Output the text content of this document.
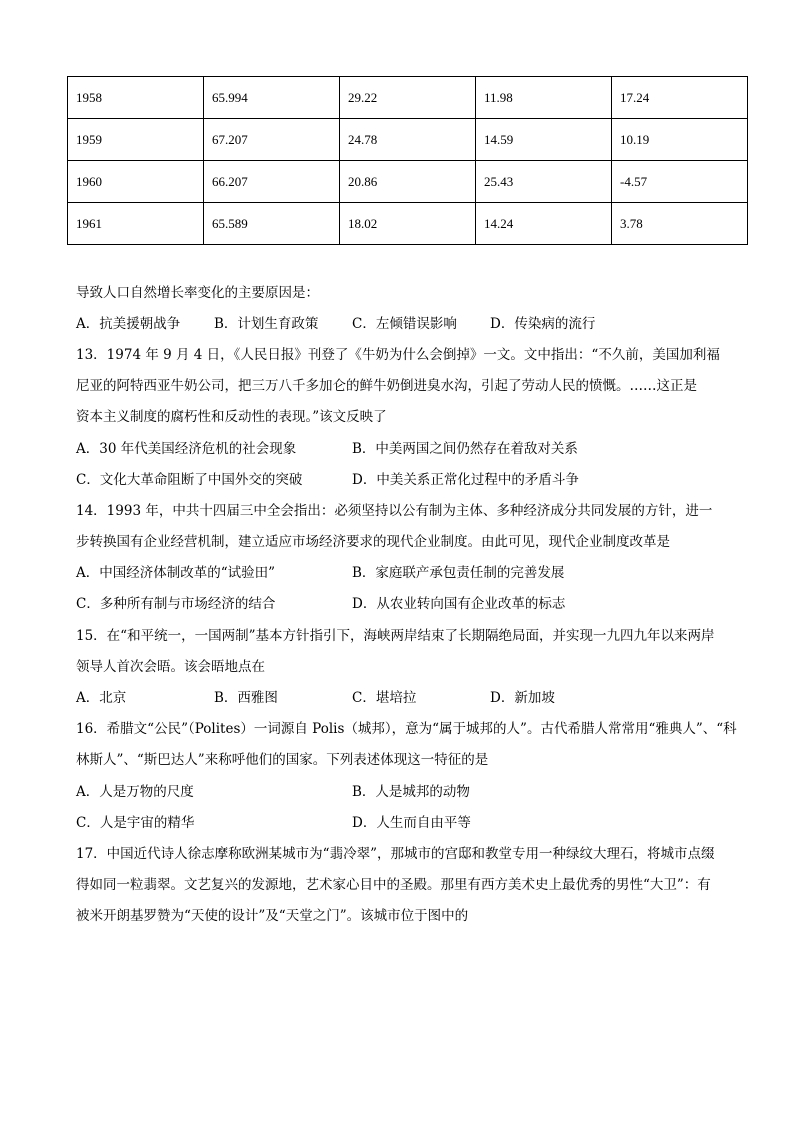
1958	65.994	29.22	11.98	17.24
1959	67.207	24.78	14.59	10.19
1960	66.207	20.86	25.43	-4.57
1961	65.589	18.02	14.24	3.78
导致人口自然增长率变化的主要原因是：
A．抗美援朝战争	B．计划生育政策 C．左倾错误影响 D．传染病的流行
13．1974 年 9 月 4 日，《人民日报》刊登了《牛奶为什么会倒掉》一文。文中指出：“不久前，美国加利福
尼亚的阿特西亚牛奶公司，把三万八千多加仑的鲜牛奶倒进臭水沟，引起了劳动人民的愤慨。……这正是
资本主义制度的腐朽性和反动性的表现。”该文反映了
A．30 年代美国经济危机的社会现象	B．中美两国之间仍然存在着敌对关系
C．文化大革命阻断了中国外交的突破	D．中美关系正常化过程中的矛盾斗争
14．1993 年，中共十四届三中全会指出：必须坚持以公有制为主体、多种经济成分共同发展的方针，进一
步转换国有企业经营机制，建立适应市场经济要求的现代企业制度。由此可见，现代企业制度改革是
A．中国经济体制改革的“试验田”	B．家庭联产承包责任制的完善发展
C．多种所有制与市场经济的结合	D．从农业转向国有企业改革的标志
15．在“和平统一，一国两制”基本方针指引下，海峡两岸结束了长期隔绝局面，并实现一九四九年以来两岸
领导人首次会晤。该会晤地点在
A．北京	B．西雅图	C．堪培拉	D．新加坡
16．希腊文“公民”（Polites）一词源自 Polis（城邦），意为“属于城邦的人”。古代希腊人常常用“雅典人”、“科
林斯人”、“斯巴达人”来称呼他们的国家。下列表述体现这一特征的是
A．人是万物的尺度	B．人是城邦的动物
C．人是宇宙的精华	D．人生而自由平等
17．中国近代诗人徐志摩称欧洲某城市为“翡冷翠”，那城市的宫邸和教堂专用一种绿纹大理石，将城市点缀
得如同一粒翡翠。文艺复兴的发源地，艺术家心目中的圣殿。那里有西方美术史上最优秀的男性“大卫”：有
被米开朗基罗赞为“天使的设计”及“天堂之门”。该城市位于图中的
